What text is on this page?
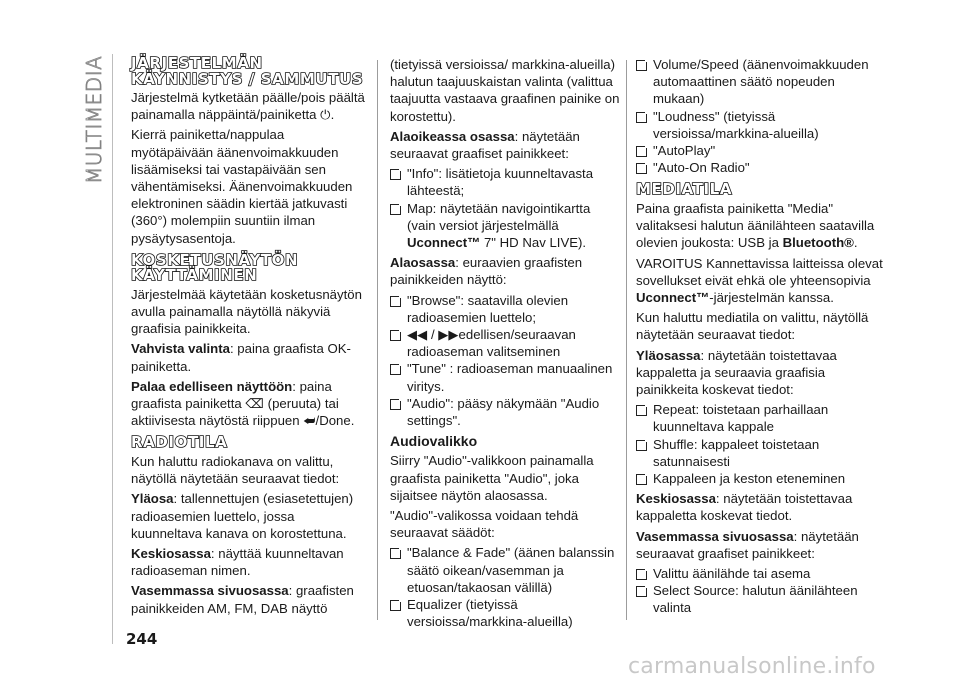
MULTIMEDIA JÄRJESTELMÄN KÄYNNISTYS / SAMMUTUS

Järjestelmä kytketään päälle/pois päältä painamalla näppäintä/painiketta ⏻.

Kierrä painiketta/nappulaa myötäpäivään äänenvoimakkuuden lisäämiseksi tai vastapäivään sen vähentämiseksi. Äänenvoimakkuuden elektroninen säädin kiertää jatkuvasti (360°) molempiin suuntiin ilman pysäytysasentoja.

KOSKETUSNÄYTÖN KÄYTTÄMINEN

Järjestelmää käytetään kosketusnäytön avulla painamalla näytöllä näkyviä graafisia painikkeita.

Vahvista valinta: paina graafista OK-painiketta.

Palaa edelliseen näyttöön: paina graafista painiketta ⌫ (peruuta) tai aktiivisesta näytöstä riippuen ⮨/Done.

RADIOTILA

Kun haluttu radiokanava on valittu, näytöllä näytetään seuraavat tiedot:

Yläosa: tallennettujen (esiasetettujen) radioasemien luettelo, jossa kuunneltava kanava on korostettuna.

Keskiosassa: näyttää kuunneltavan radioaseman nimen.

Vasemmassa sivuosassa: graafisten painikkeiden AM, FM, DAB näyttö

(tietyissä versioissa/ markkina-alueilla) halutun taajuuskaistan valinta (valittua taajuutta vastaava graafinen painike on korostettu).

Alaoikeassa osassa: näytetään seuraavat graafiset painikkeet:

"Info": lisätietoja kuunneltavasta lähteestä;
Map: näytetään navigointikartta (vain versiot järjestelmällä Uconnect™ 7" HD Nav LIVE).

Alaosassa: euraavien graafisten painikkeiden näyttö:

"Browse": saatavilla olevien radioasemien luettelo;
◀◀ / ▶▶edellisen/seuraavan radioaseman valitseminen
"Tune" : radioaseman manuaalinen viritys.
"Audio": pääsy näkymään "Audio settings".
Audiovalikko

Siirry "Audio"-valikkoon painamalla graafista painiketta "Audio", joka sijaitsee näytön alaosassa.

"Audio"-valikossa voidaan tehdä seuraavat säädöt:

"Balance & Fade" (äänen balanssin säätö oikean/vasemman ja etuosan/takaosan välillä)
Equalizer (tietyissä versioissa/markkina-alueilla)
Volume/Speed (äänenvoimakkuuden automaattinen säätö nopeuden mukaan)
"Loudness" (tietyissä versioissa/markkina-alueilla)
"AutoPlay"
"Auto-On Radio"
MEDIATILA

Paina graafista painiketta "Media" valitaksesi halutun äänilähteen saatavilla olevien joukosta: USB ja Bluetooth®.

VAROITUS Kannettavissa laitteissa olevat sovellukset eivät ehkä ole yhteensopivia Uconnect™-järjestelmän kanssa.

Kun haluttu mediatila on valittu, näytöllä näytetään seuraavat tiedot:

Yläosassa: näytetään toistettavaa kappaletta ja seuraavia graafisia painikkeita koskevat tiedot:

Repeat: toistetaan parhaillaan kuunneltava kappale
Shuffle: kappaleet toistetaan satunnaisesti
Kappaleen ja keston eteneminen

Keskiosassa: näytetään toistettavaa kappaletta koskevat tiedot.

Vasemmassa sivuosassa: näytetään seuraavat graafiset painikkeet:

Valittu äänilähde tai asema
Select Source: halutun äänilähteen valinta
244
carmanualsonline.info
